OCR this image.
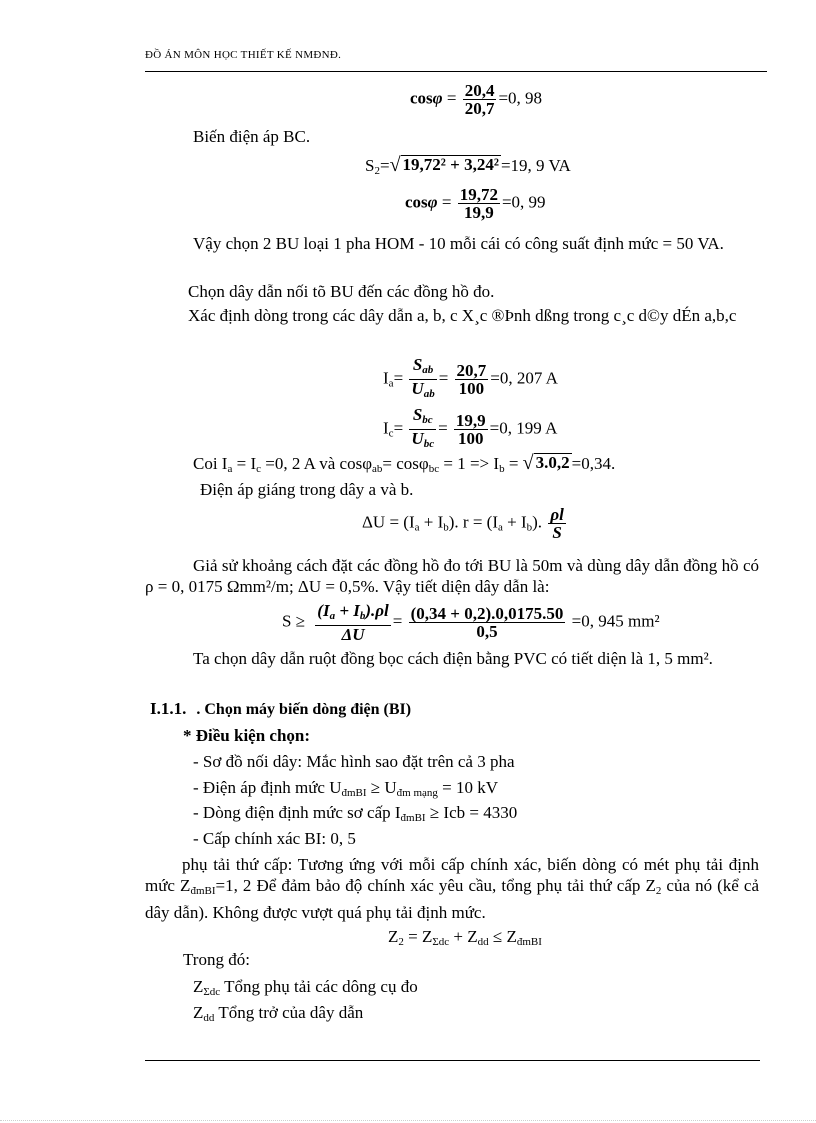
ĐỒ ÁN MÔN HỌC THIẾT KẾ NMĐNĐ.
$\cos\varphi = \frac{20,4}{20,7} =0$, 98
Biến điện áp BC.
$S_2=$ √ 19,72² + 3,24² =19, 9 VA
$\cos\varphi = \frac{19,72}{19,9} =0$, 99
Vậy chọn 2 BU loại 1 pha HOM - 10 mỗi cái có công suất định mức = 50 VA.
Chọn dây dẫn nối tõ BU đến các đồng hồ đo.
Xác định dòng trong các dây dẫn a, b, c X¸c ®Þnh dßng trong c¸c d©y dÉn a,b,c
$I_a= \frac{S_{ab}}{U_{ab}} = \frac{20,7}{100} =0$, 207 A
$I_c= \frac{S_{bc}}{U_{bc}} = \frac{19,9}{100} =0$, 199 A
Coi $I_a = I_c =0$, 2 A và $\cos\varphi_{ab}= \cos\varphi_{bc} = 1 => I_b$ = √ 3.0,2 =0,34.
Điện áp giáng trong dây a và b.
$\Delta U = (I_a + I_b)$. $r = (I_a + I_b)$. $\frac{\rho l}{S}$
Giả sử khoảng cách đặt các đồng hồ đo tới BU là 50m và dùng dây dẫn đồng hồ có ρ = 0, 0175 Ωmm²/m; ΔU = 0,5%. Vậy tiết diện dây dẫn là:
$S \ge \frac{(I_a + I_b).\rho l}{\Delta U} = \frac{(0,34 + 0,2).0,0175.50}{0,5} =0$, 945 mm²
Ta chọn dây dẫn ruột đồng bọc cách điện bằng PVC có tiết diện là 1, 5 mm².
I.1.1. . Chọn máy biến dòng điện (BI)
* Điều kiện chọn:
- Sơ đồ nối dây: Mắc hình sao đặt trên cả 3 pha
- Điện áp định mức $U_{đmBI} \ge U_{đm mạng} = 10$ kV
- Dòng điện định mức sơ cấp $I_{đmBI}$ ≥ Icb = 4330
- Cấp chính xác BI: 0, 5
phụ tải thứ cấp: Tương ứng với mỗi cấp chính xác, biến dòng có mét phụ tải định mức $Z_{đmBI}=1$, 2 Để đảm bảo độ chính xác yêu cầu, tổng phụ tải thứ cấp $Z_2$ của nó (kể cả dây dẫn). Không được vượt quá phụ tải định mức.
$Z_2 = Z_{\Sigma dc} + Z_{dd} \le Z_{đmBI}$
Trong đó:
$Z_{\Sigma dc}$ Tổng phụ tải các dông cụ đo
$Z_{dd}$ Tổng trở của dây dẫn
